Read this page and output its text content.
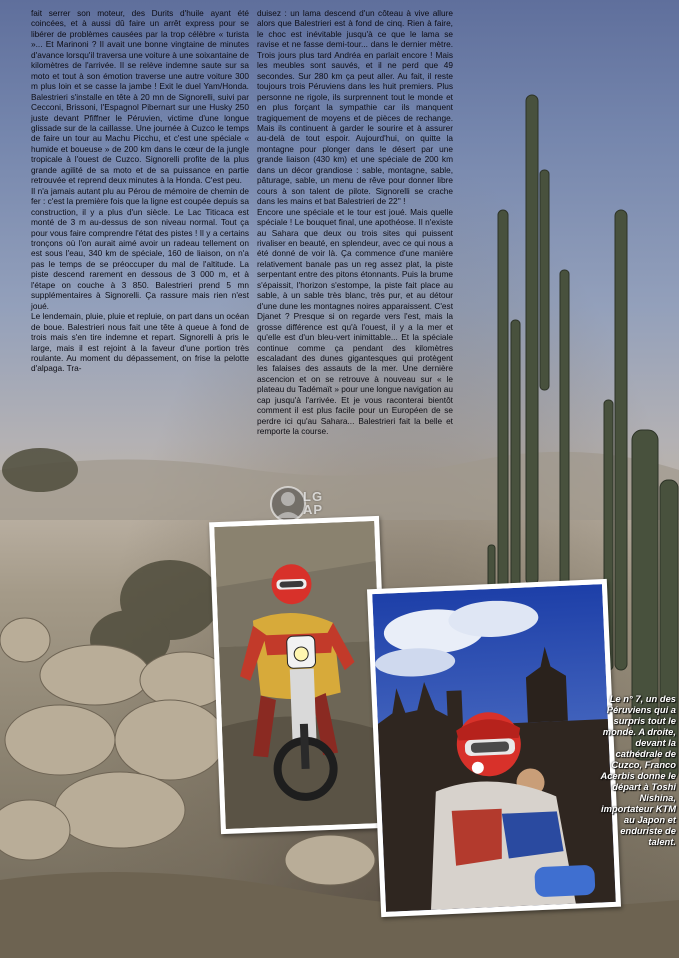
fait serrer son moteur, des Durits d'huile ayant été coincées, et à aussi dû faire un arrêt express pour se libérer de problèmes causées par la trop célèbre « turista »... Et Marinoni ? Il avait une bonne vingtaine de minutes d'avance lorsqu'il traversa une voiture à une soixantaine de kilomètres de l'arrivée. Il se relève indemne saute sur sa moto et tout à son émotion traverse une autre voiture 300 m plus loin et se casse la jambe ! Exit le duel Yam/Honda. Balestrieri s'installe en tête à 20 mn de Signorelli, suivi par Cecconi, Brissoni, l'Espagnol Pibernart sur une Husky 250 juste devant Pfiffner le Péruvien, victime d'une longue glissade sur de la caillasse. Une journée à Cuzco le temps de faire un tour au Machu Picchu, et c'est une spéciale « humide et boueuse » de 200 km dans le cœur de la jungle tropicale à l'ouest de Cuzco. Signorelli profite de la plus grande agilité de sa moto et de sa puissance en partie retrouvée et reprend deux minutes à la Honda. C'est peu.
Il n'a jamais autant plu au Pérou de mémoire de chemin de fer : c'est la première fois que la ligne est coupée depuis sa construction, il y a plus d'un siècle. Le Lac Titicaca est monté de 3 m au-dessus de son niveau normal. Tout ça pour vous faire comprendre l'état des pistes ! Il y a certains tronçons où l'on aurait aimé avoir un radeau tellement on est sous l'eau, 340 km de spéciale, 160 de liaison, on n'a pas le temps de se préoccuper du mal de l'altitude. La piste descend rarement en dessous de 3 000 m, et à l'étape on couche à 3 850. Balestrieri prend 5 mn supplémentaires à Signorelli. Ça rassure mais rien n'est joué.
Le lendemain, pluie, pluie et repluie, on part dans un océan de boue. Balestrieri nous fait une tête à queue à fond de trois mais s'en tire indemne et repart. Signorelli à pris le large, mais il est rejoint à la faveur d'une portion très roulante. Au moment du dépassement, on frise la pelotte d'alpaga. Tra-

duisez : un lama descend d'un côteau à vive allure alors que Balestrieri est à fond de cinq. Rien à faire, le choc est inévitable jusqu'à ce que le lama se ravise et ne fasse demi-tour... dans le dernier mètre. Trois jours plus tard Andréa en parlait encore ! Mais les meubles sont sauvés, et il ne perd que 49 secondes. Sur 280 km ça peut aller. Au fait, il reste toujours trois Péruviens dans les huit premiers. Plus personne ne rigole, ils surprennent tout le monde et en plus forçant la sympathie car ils manquent tragiquement de moyens et de pièces de rechange. Mais ils continuent à garder le sourire et à assurer au-delà de tout espoir. Aujourd'hui, on quitte la montagne pour plonger dans le désert par une grande liaison (430 km) et une spéciale de 200 km dans un décor grandiose : sable, montagne, sable, pâturage, sable, un menu de rêve pour donner libre cours à son talent de pilote. Signorelli se crache dans les mains et bat Balestrieri de 22'' !
Encore une spéciale et le tour est joué. Mais quelle spéciale ! Le bouquet final, une apothéose. Il n'existe au Sahara que deux ou trois sites qui puissent rivaliser en beauté, en splendeur, avec ce qui nous a été donné de voir là. Ça commence d'une manière relativement banale pas un reg assez plat, la piste serpentant entre des pitons étonnants. Puis la brume s'épaissit, l'horizon s'estompe, la piste fait place au sable, à un sable très blanc, très pur, et au détour d'une dune les montagnes noires apparaissent. C'est Djanet ? Presque si on regarde vers l'est, mais la grosse différence est qu'à l'ouest, il y a la mer et qu'elle est d'un bleu-vert inimittable... Et la spéciale continue comme ça pendant des kilomètres escaladant des dunes gigantesques qui protègent les falaises des assauts de la mer. Une dernière ascencion et on se retrouve à nouveau sur « le plateau du Tadémaït » pour une longue navigation au cap jusqu'à l'arrivée. Et je vous raconterai bientôt comment il est plus facile pour un Européen de se perdre ici qu'au Sahara... Balestrieri fait la belle et remporte la course.

LG AP

Le n° 7, un des Péruviens qui a surpris tout le monde. A droite, devant la cathédrale de Cuzco, Franco Acerbis donne le départ à Toshi Nishina, importateur KTM au Japon et enduriste de talent.
